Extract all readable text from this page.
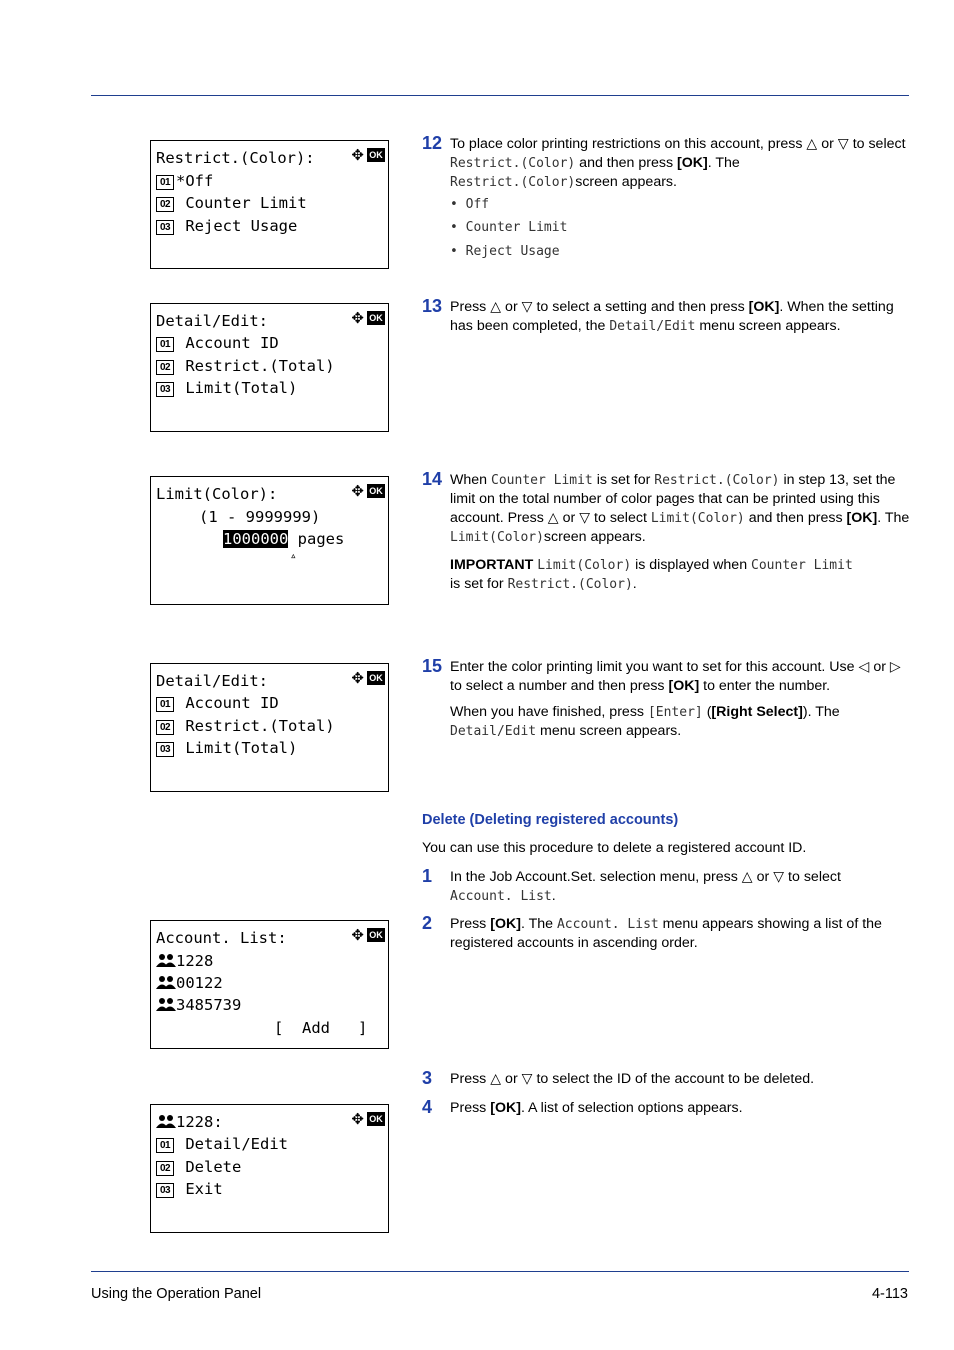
Restrict.(Color): ✥ OK
01 *Off
02 Counter Limit
03 Reject Usage
Detail/Edit:	✥ OK
01 Account ID
02 Restrict.(Total)
03 Limit(Total)
Limit(Color):	✥ OK
(1 - 9999999)
1000000 pages
▵
Detail/Edit:	✥ OK
01 Account ID
02 Restrict.(Total)
03 Limit(Total)
Account. List:	✥ OK
1228
00122
3485739
[  Add   ]
1228:	✥ OK
01 Detail/Edit
02 Delete
03 Exit
12 To place color printing restrictions on this account, press △ or ▽ to select Restrict.(Color) and then press [OK]. The
Restrict.(Color)screen appears.
• Off
• Counter Limit
• Reject Usage
13 Press △ or ▽ to select a setting and then press [OK]. When the setting has been completed, the Detail/Edit menu screen appears.
14 When Counter Limit is set for Restrict.(Color) in step 13, set the limit on the total number of color pages that can be printed using this account. Press △ or ▽ to select Limit(Color) and then press [OK]. The Limit(Color)screen appears.
IMPORTANT Limit(Color) is displayed when Counter Limit
is set for Restrict.(Color).
15 Enter the color printing limit you want to set for this account. Use ◁ or ▷ to select a number and then press [OK] to enter the number.
When you have finished, press [Enter] ([Right Select]). The
Detail/Edit menu screen appears.
Delete (Deleting registered accounts)
You can use this procedure to delete a registered account ID.
1 In the Job Account.Set. selection menu, press △ or ▽ to select
Account. List.
2 Press [OK]. The Account. List menu appears showing a list of the registered accounts in ascending order.
3 Press △ or ▽ to select the ID of the account to be deleted.
4 Press [OK]. A list of selection options appears.
Using the Operation Panel	4-113
